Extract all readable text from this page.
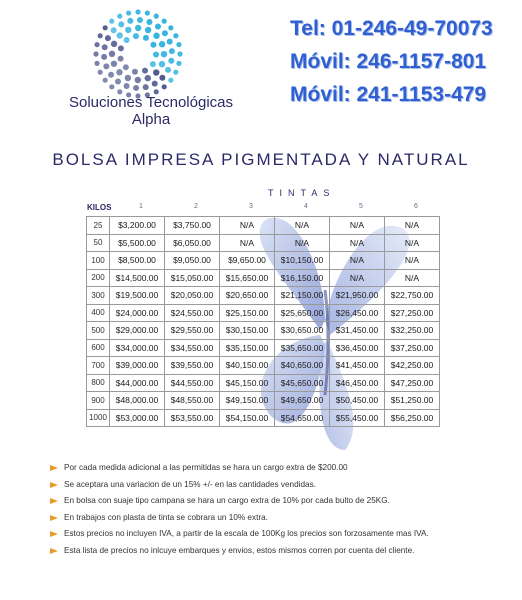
Soluciones Tecnológicas
Alpha
Tel: 01-246-49-70073
Móvil: 246-1157-801
Móvil: 241-1153-479
BOLSA IMPRESA PIGMENTADA Y NATURAL
TINTAS
KILOS	1	2	3	4	5	6
25	$3,200.00	$3,750.00	N/A	N/A	N/A	N/A
50	$5,500.00	$6,050.00	N/A	N/A	N/A	N/A
100	$8,500.00	$9,050.00	$9,650.00	$10,150.00	N/A	N/A
200	$14,500.00	$15,050.00	$15,650.00	$16,150.00	N/A	N/A
300	$19,500.00	$20,050.00	$20,650.00	$21,150.00	$21,950.00	$22,750.00
400	$24,000.00	$24,550.00	$25,150.00	$25,650.00	$26,450.00	$27,250.00
500	$29,000.00	$29,550.00	$30,150.00	$30,650.00	$31,450.00	$32,250.00
600	$34,000.00	$34,550.00	$35,150.00	$35,650.00	$36,450.00	$37,250.00
700	$39,000.00	$39,550.00	$40,150.00	$40,650.00	$41,450.00	$42,250.00
800	$44,000.00	$44,550.00	$45,150.00	$45,650.00	$46,450.00	$47,250.00
900	$48,000.00	$48,550.00	$49,150.00	$49,650.00	$50,450.00	$51,250.00
1000	$53,000.00	$53,550.00	$54,150.00	$54,650.00	$55,450.00	$56,250.00
Por cada medida adicional a las permitidas se hara un cargo extra de $200.00
Se aceptara una variacion de un 15% +/- en las cantidades vendidas.
En bolsa con suaje tipo campana se hara un cargo extra de 10% por cada bulto de 25KG.
En trabajos con plasta de tinta se cobrara un 10% extra.
Estos precios no incluyen IVA, a partir de la escala de 100Kg los precios son forzosamente mas IVA.
Esta lista de precios no inlcuye embarques y envios, estos mismos corren por cuenta del cliente.
